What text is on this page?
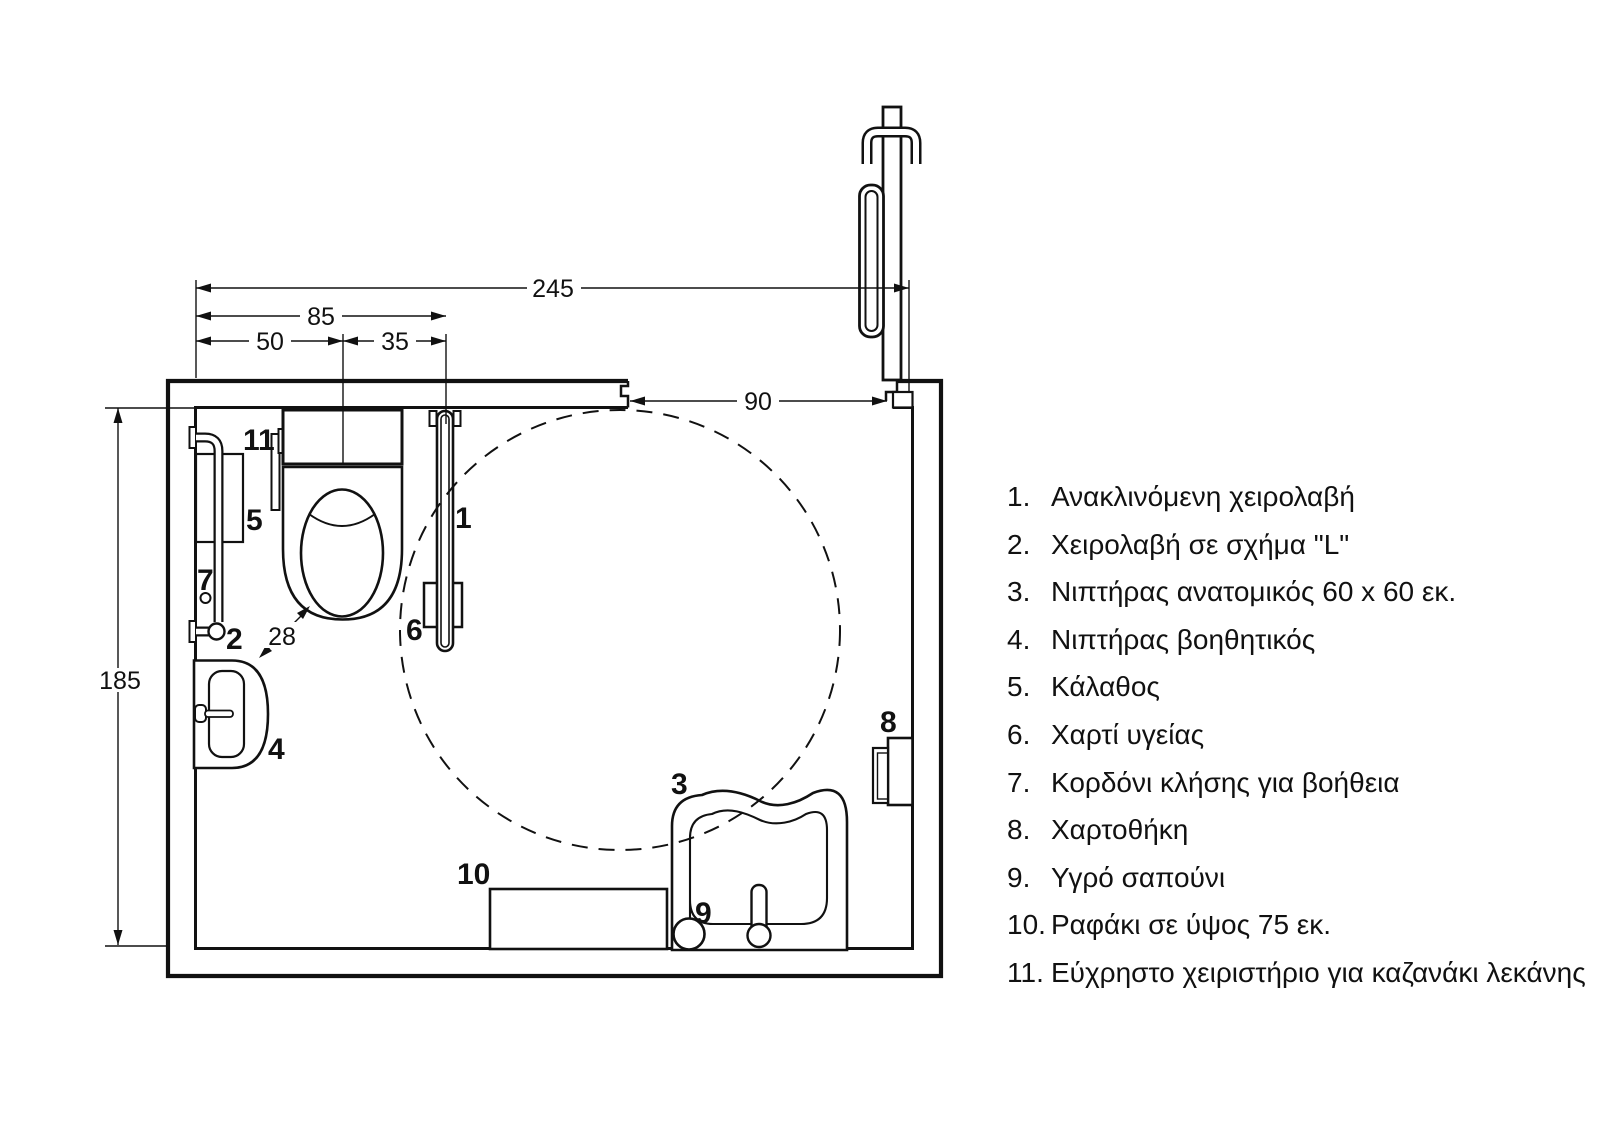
245
85
50	35
90
185
28
1
2
3
4
5
6
7
8
9
10
11
1. Ανακλινόμενη χειρολαβή
2. Χειρολαβή σε σχήμα "L"
3. Νιπτήρας ανατομικός 60 x 60 εκ.
4. Νιπτήρας βοηθητικός
5. Κάλαθος
6. Χαρτί υγείας
7. Κορδόνι κλήσης για βοήθεια
8. Χαρτοθήκη
9. Υγρό σαπούνι
10. Ραφάκι σε ύψος 75 εκ.
11. Εύχρηστο χειριστήριο για καζανάκι λεκάνης
